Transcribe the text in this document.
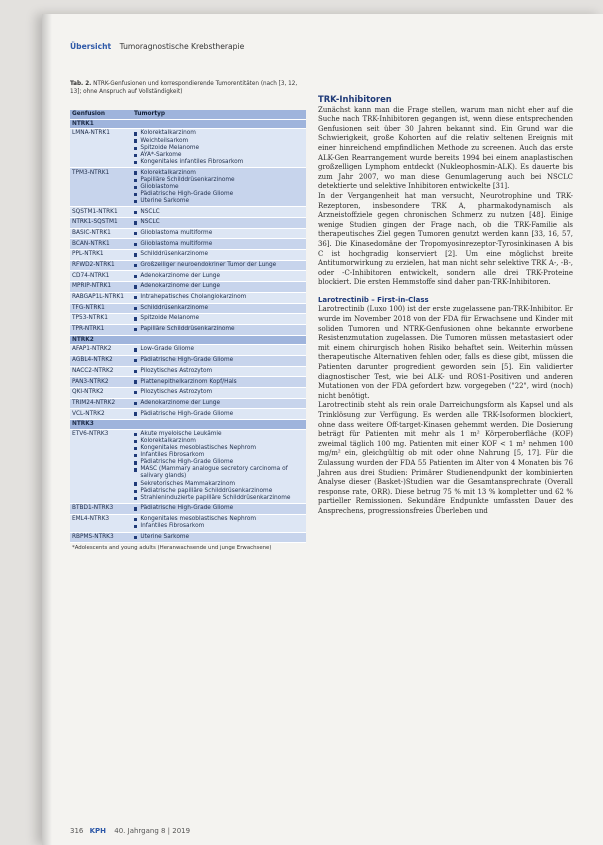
Übersicht Tumoragnostische Krebstherapie
Tab. 2. NTRK-Genfusionen und korrespondierende Tumorentitäten (nach [3, 12, 13]; ohne Anspruch auf Vollständigkeit)
Genfusion	Tumortyp
NTRK1
LMNA-NTRK1	Kolorektalkarzinom
Weichteilsarkom
Spitzoide Melanome
AYA*-Sarkome
Kongenitales infantiles Fibrosarkom
TPM3-NTRK1	Kolorektalkarzinom
Papilläre Schilddrüsenkarzinome
Glioblastome
Pädiatrische High-Grade Gliome
Uterine Sarkome
SQSTM1-NTRK1	NSCLC
NTRK1-SQSTM1	NSCLC
BASIC-NTRK1	Glioblastoma multiforme
BCAN-NTRK1	Glioblastoma multiforme
PPL-NTRK1	Schilddrüsenkarzinome
RFWD2-NTRK1	Großzelliger neuroendokriner Tumor der Lunge
CD74-NTRK1	Adenokarzinome der Lunge
MPRIP-NTRK1	Adenokarzinome der Lunge
RABGAP1L-NTRK1	Intrahepatisches Cholangiokarzinom
TFG-NTRK1	Schilddrüsenkarzinome
TP53-NTRK1	Spitzoide Melanome
TPR-NTRK1	Papilläre Schilddrüsenkarzinome
NTRK2
AFAP1-NTRK2	Low-Grade Gliome
AGBL4-NTRK2	Pädiatrische High-Grade Gliome
NACC2-NTRK2	Pilozytisches Astrozytom
PAN3-NTRK2	Plattenepithelkarzinom Kopf/Hals
QKI-NTRK2	Pilozytisches Astrozytom
TRIM24-NTRK2	Adenokarzinome der Lunge
VCL-NTRK2	Pädiatrische High-Grade Gliome
NTRK3
ETV6-NTRK3	Akute myeloische Leukämie
Kolorektalkarzinom
Kongenitales mesoblastisches Nephrom
Infantiles Fibrosarkom
Pädiatrische High-Grade Gliome
MASC (Mammary analogue secretory carcinoma of salivary glands)
Sekretorisches Mammakarzinom
Pädiatrische papilläre Schilddrüsenkarzinome
Strahleninduzierte papilläre Schilddrüsenkarzinome
BTBD1-NTRK3	Pädiatrische High-Grade Gliome
EML4-NTRK3	Kongenitales mesoblastisches Nephrom
Infantiles Fibrosarkom
RBPMS-NTRK3	Uterine Sarkome
*Adolescents and young adults (Heranwachsende und junge Erwachsene)
TRK-Inhibitoren

Zunächst kann man die Frage stellen, warum man nicht eher auf die Suche nach TRK-Inhibitoren gegangen ist, wenn diese entsprechenden Genfusionen seit über 30 Jahren bekannt sind. Ein Grund war die Schwierigkeit, große Kohorten auf die relativ seltenen Ereignis mit einer hinreichend empfindlichen Methode zu screenen. Auch das erste ALK-Gen Rearrangement wurde bereits 1994 bei einem anaplastischen großzelligen Lymphom entdeckt (Nukleophosmin-ALK). Es dauerte bis zum Jahr 2007, wo man diese Genumlagerung auch bei NSCLC detektierte und selektive Inhibitoren entwickelte [31].

In der Vergangenheit hat man versucht, Neurotrophine und TRK-Rezeptoren, insbesondere TRK A, pharmakodynamisch als Arzneistoffziele gegen chronischen Schmerz zu nutzen [48]. Einige wenige Studien gingen der Frage nach, ob die TRK-Familie als therapeutisches Ziel gegen Tumoren genutzt werden kann [33, 16, 57, 36]. Die Kinasedomäne der Tropomyosinrezeptor-Tyrosinkinasen A bis C ist hochgradig konserviert [2]. Um eine möglichst breite Antitumorwirkung zu erzielen, hat man nicht sehr selektive TRK A-, -B-, oder -C-Inhibitoren entwickelt, sondern alle drei TRK-Proteine blockiert. Die ersten Hemmstoffe sind daher pan-TRK-Inhibitoren.

Larotrectinib – First-in-Class

Larotrectinib (Luxo 100) ist der erste zugelassene pan-TRK-Inhibitor. Er wurde im November 2018 von der FDA für Erwachsene und Kinder mit soliden Tumoren und NTRK-Genfusionen ohne bekannte erworbene Resistenzmutation zugelassen. Die Tumoren müssen metastasiert oder mit einem chirurgisch hohen Risiko behaftet sein. Weiterhin müssen therapeutische Alternativen fehlen oder, falls es diese gibt, müssen die Patienten darunter progredient geworden sein [5]. Ein validierter diagnostischer Test, wie bei ALK- und ROS1-Positiven und anderen Mutationen von der FDA gefordert bzw. vorgegeben ("22", wird (noch) nicht benötigt.

Larotrectinib steht als rein orale Darreichungsform als Kapsel und als Trinklösung zur Verfügung. Es werden alle TRK-Isoformen blockiert, ohne dass weitere Off-target-Kinasen gehemmt werden. Die Dosierung beträgt für Patienten mit mehr als 1 m² Körperoberfläche (KOF) zweimal täglich 100 mg. Patienten mit einer KOF < 1 m² nehmen 100 mg/m² ein, gleichgültig ob mit oder ohne Nahrung [5, 17]. Für die Zulassung wurden der FDA 55 Patienten im Alter von 4 Monaten bis 76 Jahren aus drei Studien: Primärer Studienendpunkt der kombinierten Analyse dieser (Basket-)Studien war die Gesamtansprechrate (Overall response rate, ORR). Diese betrug 75 % mit 13 % kompletter und 62 % partieller Remissionen. Sekundäre Endpunkte umfassten Dauer des Ansprechens, progressionsfreies Überleben und

316 KPH 40. Jahrgang 8 | 2019
